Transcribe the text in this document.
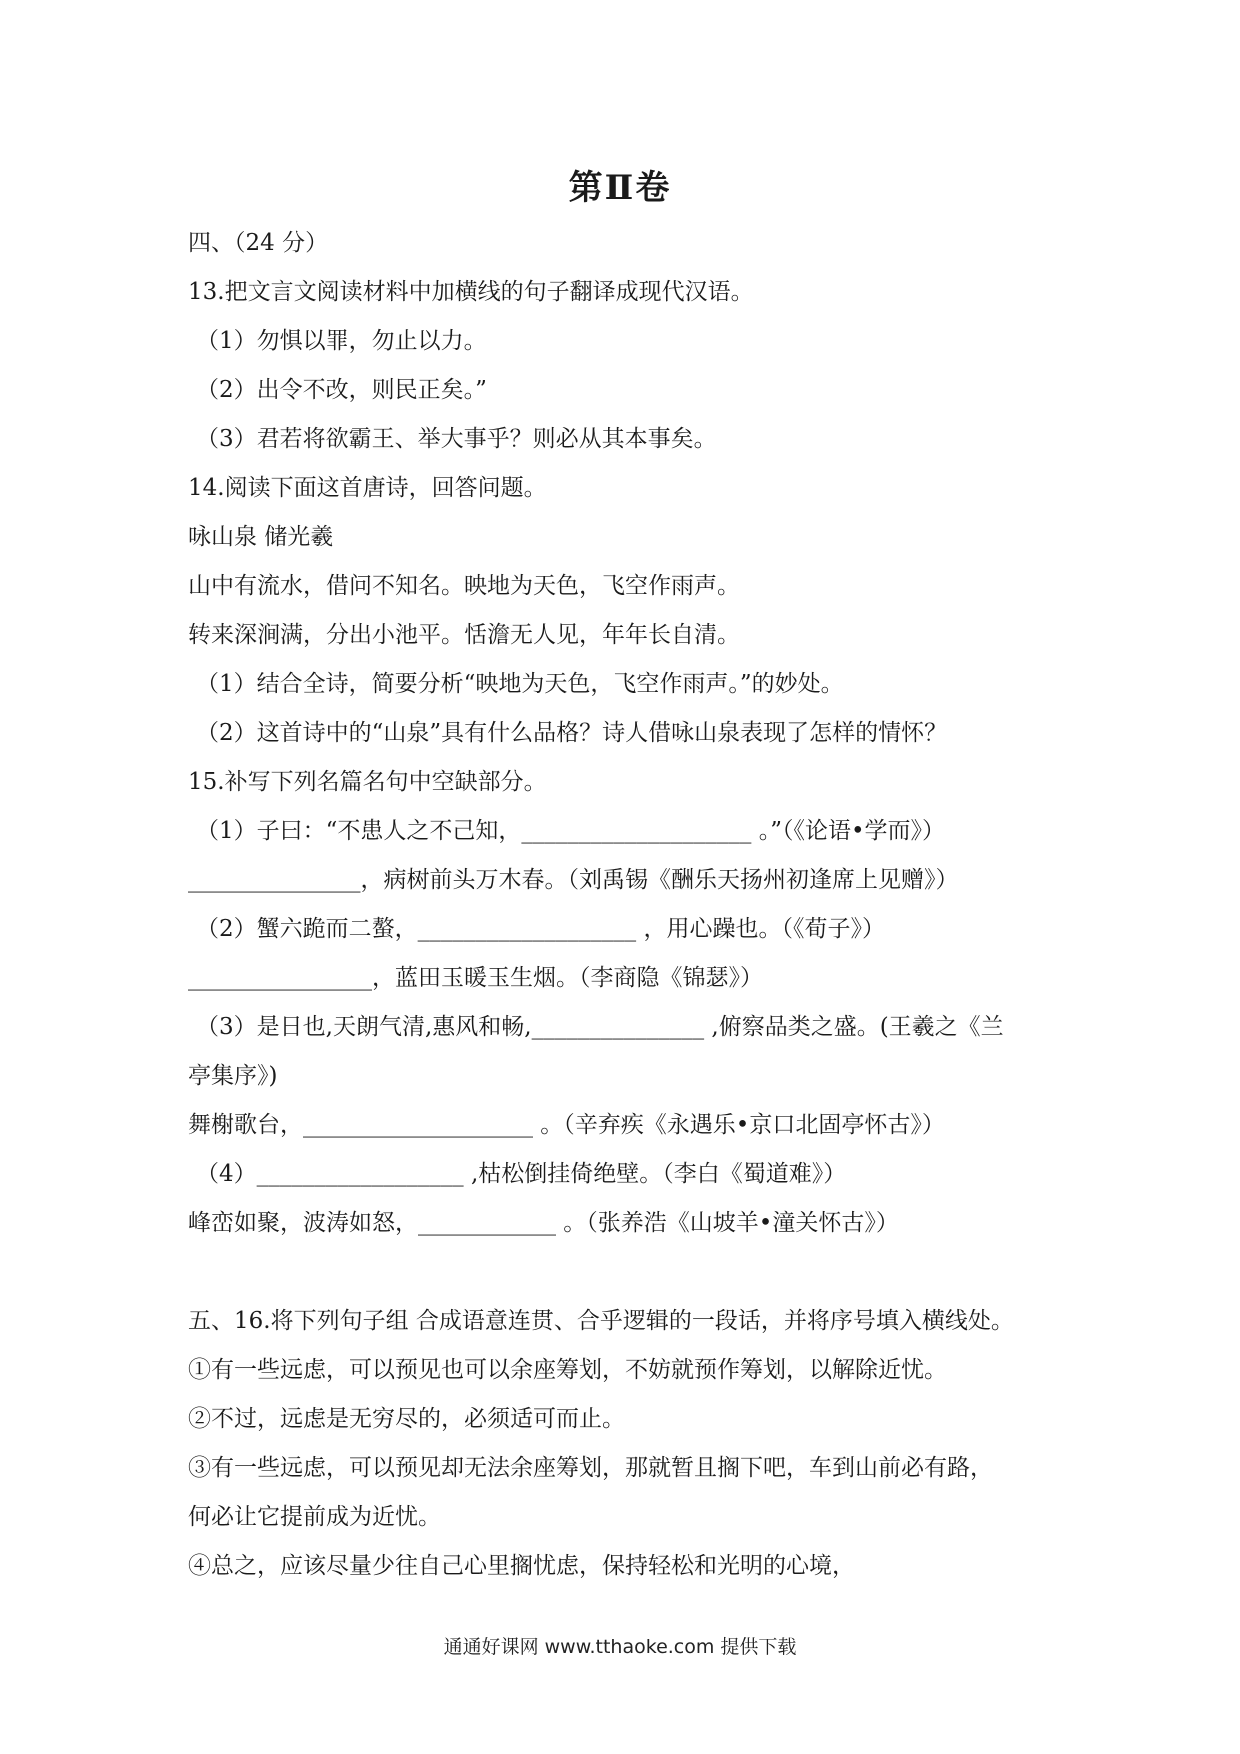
第Ⅱ卷
四、（24 分）
13.把文言文阅读材料中加横线的句子翻译成现代汉语。
（1）勿惧以罪，勿止以力。
（2）出令不改，则民正矣。”
（3）君若将欲霸王、举大事乎？则必从其本事矣。
14.阅读下面这首唐诗，回答问题。
咏山泉 储光羲
山中有流水，借问不知名。映地为天色，飞空作雨声。
转来深涧满，分出小池平。恬澹无人见，年年长自清。
（1）结合全诗，简要分析“映地为天色，飞空作雨声。”的妙处。
（2）这首诗中的“山泉”具有什么品格？诗人借咏山泉表现了怎样的情怀？
15.补写下列名篇名句中空缺部分。
（1）子曰：“不患人之不己知，____________________ 。”（《论语•学而》）
_______________，病树前头万木春。（刘禹锡《酬乐天扬州初逢席上见赠》）
（2）蟹六跪而二螯，___________________ ，用心躁也。（《荀子》）
________________，蓝田玉暖玉生烟。（李商隐《锦瑟》）
（3）是日也,天朗气清,惠风和畅,_______________ ,俯察品类之盛。(王羲之《兰
亭集序》)
舞榭歌台，____________________ 。（辛弃疾《永遇乐•京口北固亭怀古》）
（4）__________________ ,枯松倒挂倚绝壁。（李白《蜀道难》）
峰峦如聚，波涛如怒，____________ 。（张养浩《山坡羊•潼关怀古》）
五、16.将下列句子组 合成语意连贯、合乎逻辑的一段话，并将序号填入横线处。
①有一些远虑，可以预见也可以余座筹划，不妨就预作筹划，以解除近忧。
②不过，远虑是无穷尽的，必须适可而止。
③有一些远虑，可以预见却无法余座筹划，那就暂且搁下吧，车到山前必有路，
何必让它提前成为近忧。
④总之，应该尽量少往自己心里搁忧虑，保持轻松和光明的心境，
通通好课网 www.tthaoke.com 提供下载
